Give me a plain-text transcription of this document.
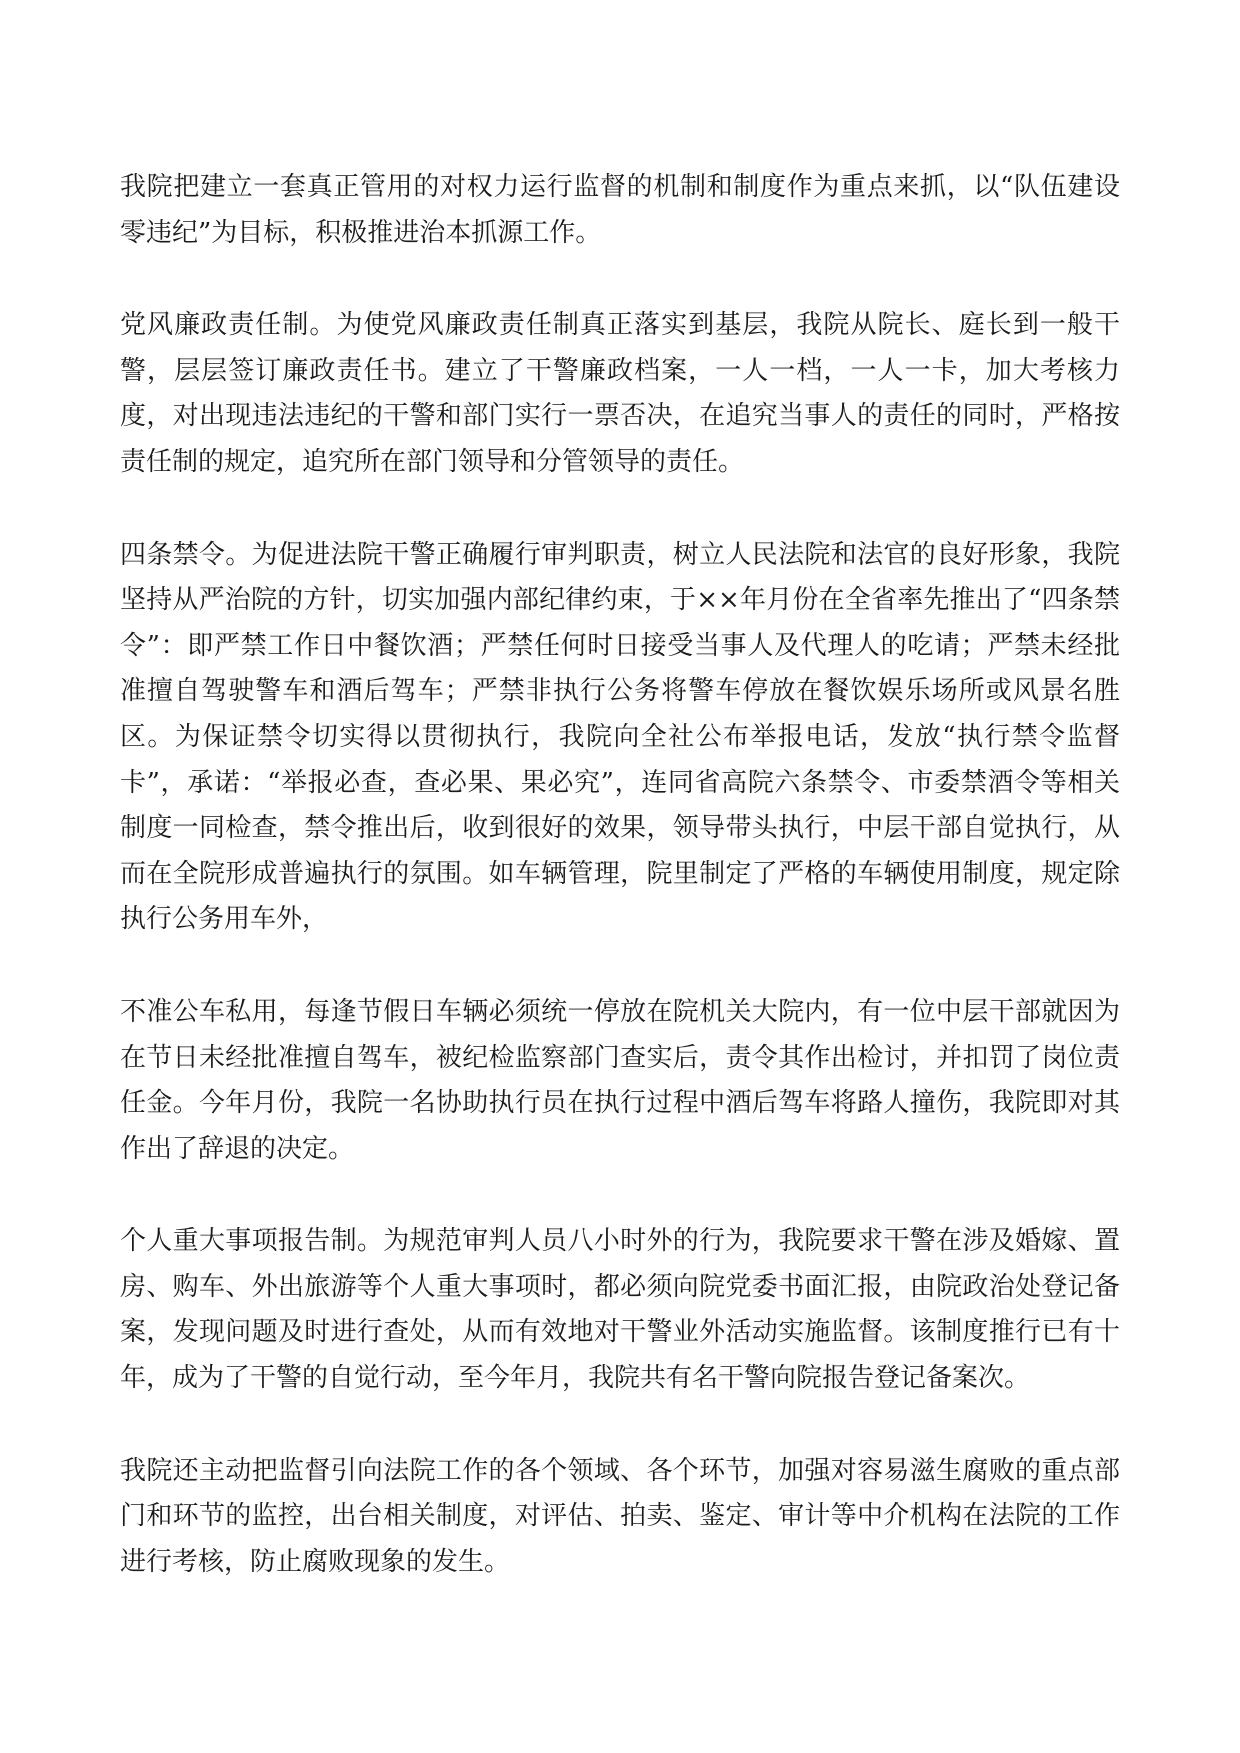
我院把建立一套真正管用的对权力运行监督的机制和制度作为重点来抓，以“队伍建设零违纪”为目标，积极推进治本抓源工作。

党风廉政责任制。为使党风廉政责任制真正落实到基层，我院从院长、庭长到一般干警，层层签订廉政责任书。建立了干警廉政档案，一人一档，一人一卡，加大考核力度，对出现违法违纪的干警和部门实行一票否决，在追究当事人的责任的同时，严格按责任制的规定，追究所在部门领导和分管领导的责任。

四条禁令。为促进法院干警正确履行审判职责，树立人民法院和法官的良好形象，我院坚持从严治院的方针，切实加强内部纪律约束，于××年月份在全省率先推出了“四条禁令”：即严禁工作日中餐饮酒；严禁任何时日接受当事人及代理人的吃请；严禁未经批准擅自驾驶警车和酒后驾车；严禁非执行公务将警车停放在餐饮娱乐场所或风景名胜区。为保证禁令切实得以贯彻执行，我院向全社公布举报电话，发放“执行禁令监督卡”，承诺：“举报必查，查必果、果必究”，连同省高院六条禁令、市委禁酒令等相关制度一同检查，禁令推出后，收到很好的效果，领导带头执行，中层干部自觉执行，从而在全院形成普遍执行的氛围。如车辆管理，院里制定了严格的车辆使用制度，规定除执行公务用车外，

不准公车私用，每逢节假日车辆必须统一停放在院机关大院内，有一位中层干部就因为在节日未经批准擅自驾车，被纪检监察部门查实后，责令其作出检讨，并扣罚了岗位责任金。今年月份，我院一名协助执行员在执行过程中酒后驾车将路人撞伤，我院即对其作出了辞退的决定。

个人重大事项报告制。为规范审判人员八小时外的行为，我院要求干警在涉及婚嫁、置房、购车、外出旅游等个人重大事项时，都必须向院党委书面汇报，由院政治处登记备案，发现问题及时进行查处，从而有效地对干警业外活动实施监督。该制度推行已有十年，成为了干警的自觉行动，至今年月，我院共有名干警向院报告登记备案次。

我院还主动把监督引向法院工作的各个领域、各个环节，加强对容易滋生腐败的重点部门和环节的监控，出台相关制度，对评估、拍卖、鉴定、审计等中介机构在法院的工作进行考核，防止腐败现象的发生。
